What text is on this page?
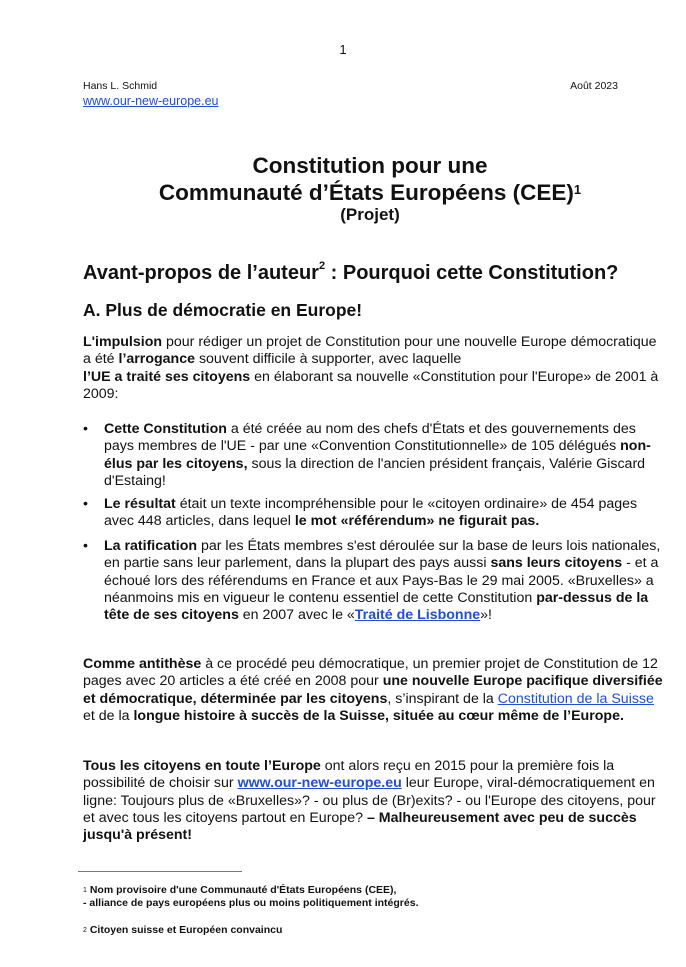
1
Hans L. Schmid
www.our-new-europe.eu
Août 2023
Constitution pour une
Communauté d’États Européens (CEE)$^1$
(Projet)
Avant-propos de l’auteur$^2$ : Pourquoi cette Constitution?
A. Plus de démocratie en Europe!
L'impulsion pour rédiger un projet de Constitution pour une nouvelle Europe démocratique a été l’arrogance souvent difficile à supporter, avec laquelle
l’UE a traité ses citoyens en élaborant sa nouvelle «Constitution pour l'Europe» de 2001 à 2009:
• Cette Constitution a été créée au nom des chefs d'États et des gouvernements des pays membres de l'UE - par une «Convention Constitutionnelle» de 105 délégués non-élus par les citoyens, sous la direction de l'ancien président français, Valérie Giscard d'Estaing!
• Le résultat était un texte incompréhensible pour le «citoyen ordinaire» de 454 pages avec 448 articles, dans lequel le mot «référendum» ne figurait pas.
• La ratification par les États membres s'est déroulée sur la base de leurs lois nationales, en partie sans leur parlement, dans la plupart des pays aussi sans leurs citoyens - et a échoué lors des référendums en France et aux Pays-Bas le 29 mai 2005. «Bruxelles» a néanmoins mis en vigueur le contenu essentiel de cette Constitution par-dessus de la tête de ses citoyens en 2007 avec le «Traité de Lisbonne»!
Comme antithèse à ce procédé peu démocratique, un premier projet de Constitution de 12 pages avec 20 articles a été créé en 2008 pour une nouvelle Europe pacifique diversifiée et démocratique, déterminée par les citoyens, s’inspirant de la Constitution de la Suisse et de la longue histoire à succès de la Suisse, située au cœur même de l’Europe.
Tous les citoyens en toute l’Europe ont alors reçu en 2015 pour la première fois la possibilité de choisir sur www.our-new-europe.eu leur Europe, viral-démocratiquement en ligne: Toujours plus de «Bruxelles»? - ou plus de (Br)exits? - ou l'Europe des citoyens, pour et avec tous les citoyens partout en Europe? – Malheureusement avec peu de succès jusqu'à présent!
$^1$ Nom provisoire d'une Communauté d'États Européens (CEE),
- alliance de pays européens plus ou moins politiquement intégrés.
$^2$ Citoyen suisse et Européen convaincu
